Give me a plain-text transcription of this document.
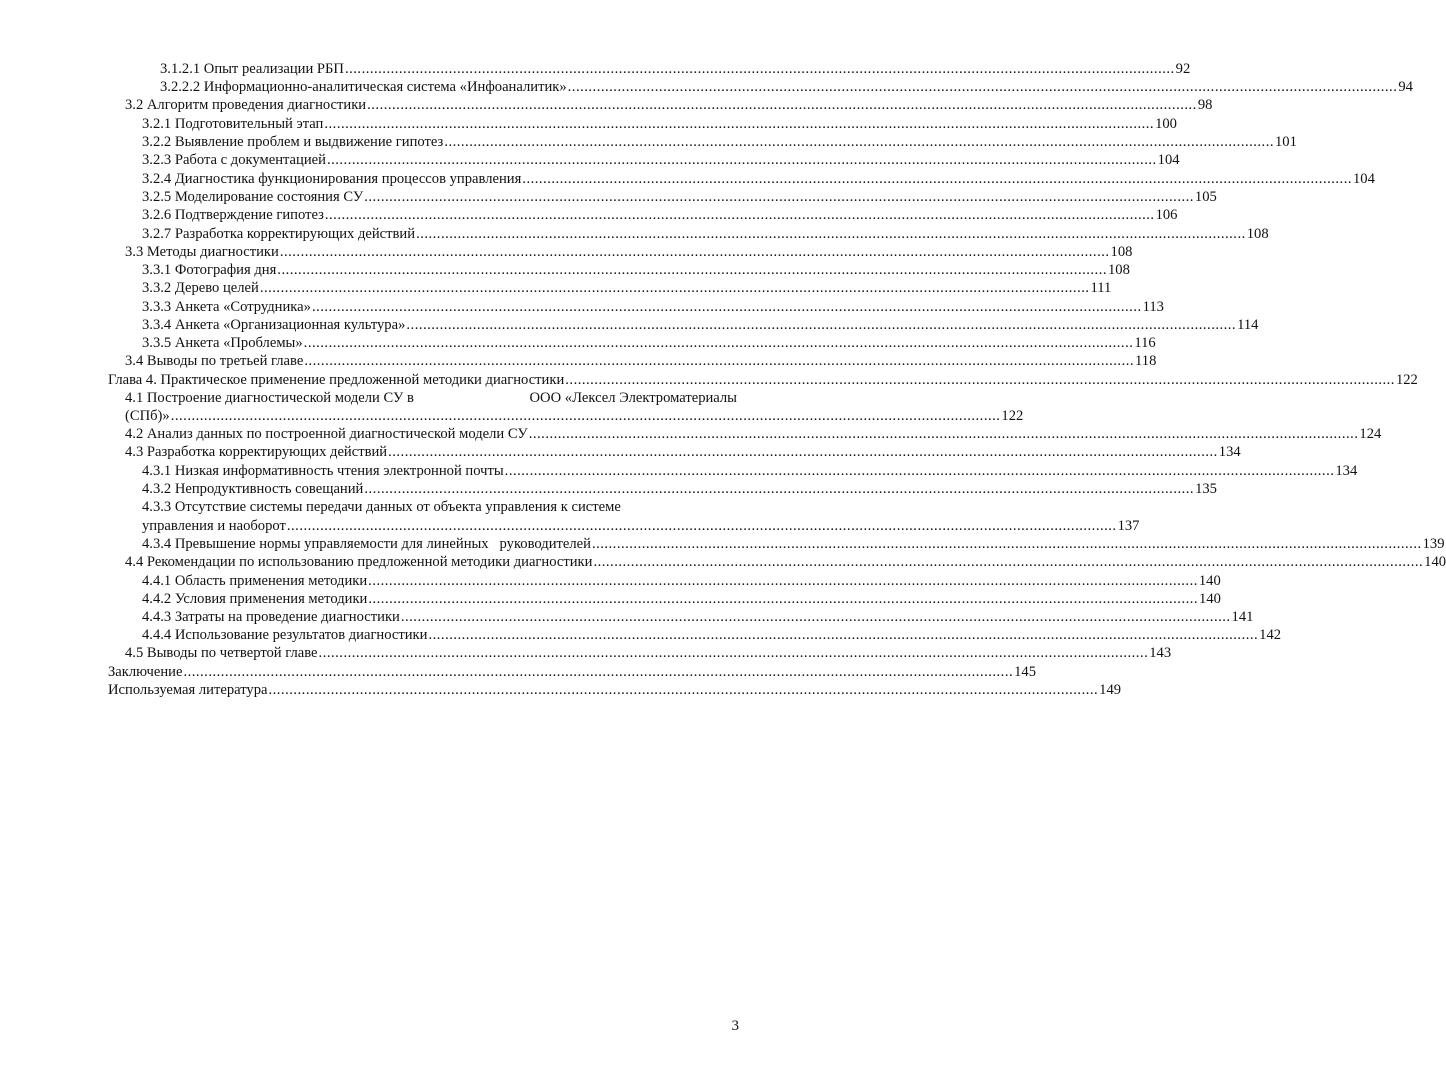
3.1.2.1 Опыт реализации РБП ........................................................................................................................................................................................................ 92
3.2.2.2 Информационно-аналитическая система «Инфоаналитик» ........................................................................................................................................................................................................ 94
3.2 Алгоритм проведения диагностики ........................................................................................................................................................................................................ 98
3.2.1 Подготовительный этап ........................................................................................................................................................................................................ 100
3.2.2 Выявление проблем и выдвижение гипотез ........................................................................................................................................................................................................ 101
3.2.3 Работа с документацией ........................................................................................................................................................................................................ 104
3.2.4 Диагностика функционирования процессов управления ........................................................................................................................................................................................................ 104
3.2.5 Моделирование состояния СУ ........................................................................................................................................................................................................ 105
3.2.6 Подтверждение гипотез ........................................................................................................................................................................................................ 106
3.2.7 Разработка корректирующих действий ........................................................................................................................................................................................................ 108
3.3 Методы диагностики ........................................................................................................................................................................................................ 108
3.3.1 Фотография дня ........................................................................................................................................................................................................ 108
3.3.2 Дерево целей ........................................................................................................................................................................................................ 111
3.3.3 Анкета «Сотрудника» ........................................................................................................................................................................................................ 113
3.3.4 Анкета «Организационная культура» ........................................................................................................................................................................................................ 114
3.3.5 Анкета «Проблемы» ........................................................................................................................................................................................................ 116
3.4 Выводы по третьей главе ........................................................................................................................................................................................................ 118
Глава 4. Практическое применение предложенной методики диагностики ........................................................................................................................................................................................................ 122
4.1 Построение диагностической модели СУ в	ООО «Лексел Электроматериалы
(СПб)» ........................................................................................................................................................................................................ 122
4.2 Анализ данных по построенной диагностической модели СУ ........................................................................................................................................................................................................ 124
4.3 Разработка корректирующих действий ........................................................................................................................................................................................................ 134
4.3.1 Низкая информативность чтения электронной почты ........................................................................................................................................................................................................ 134
4.3.2 Непродуктивность совещаний ........................................................................................................................................................................................................ 135
4.3.3 Отсутствие системы передачи данных от объекта управления к системе
управления и наоборот ........................................................................................................................................................................................................ 137
4.3.4 Превышение нормы управляемости для линейных   руководителей ........................................................................................................................................................................................................ 139
4.4 Рекомендации по использованию предложенной методики диагностики ........................................................................................................................................................................................................ 140
4.4.1 Область применения методики ........................................................................................................................................................................................................ 140
4.4.2 Условия применения методики ........................................................................................................................................................................................................ 140
4.4.3 Затраты на проведение диагностики ........................................................................................................................................................................................................ 141
4.4.4 Использование результатов диагностики ........................................................................................................................................................................................................ 142
4.5 Выводы по четвертой главе ........................................................................................................................................................................................................ 143
Заключение ........................................................................................................................................................................................................ 145
Используемая литература ........................................................................................................................................................................................................ 149
3
